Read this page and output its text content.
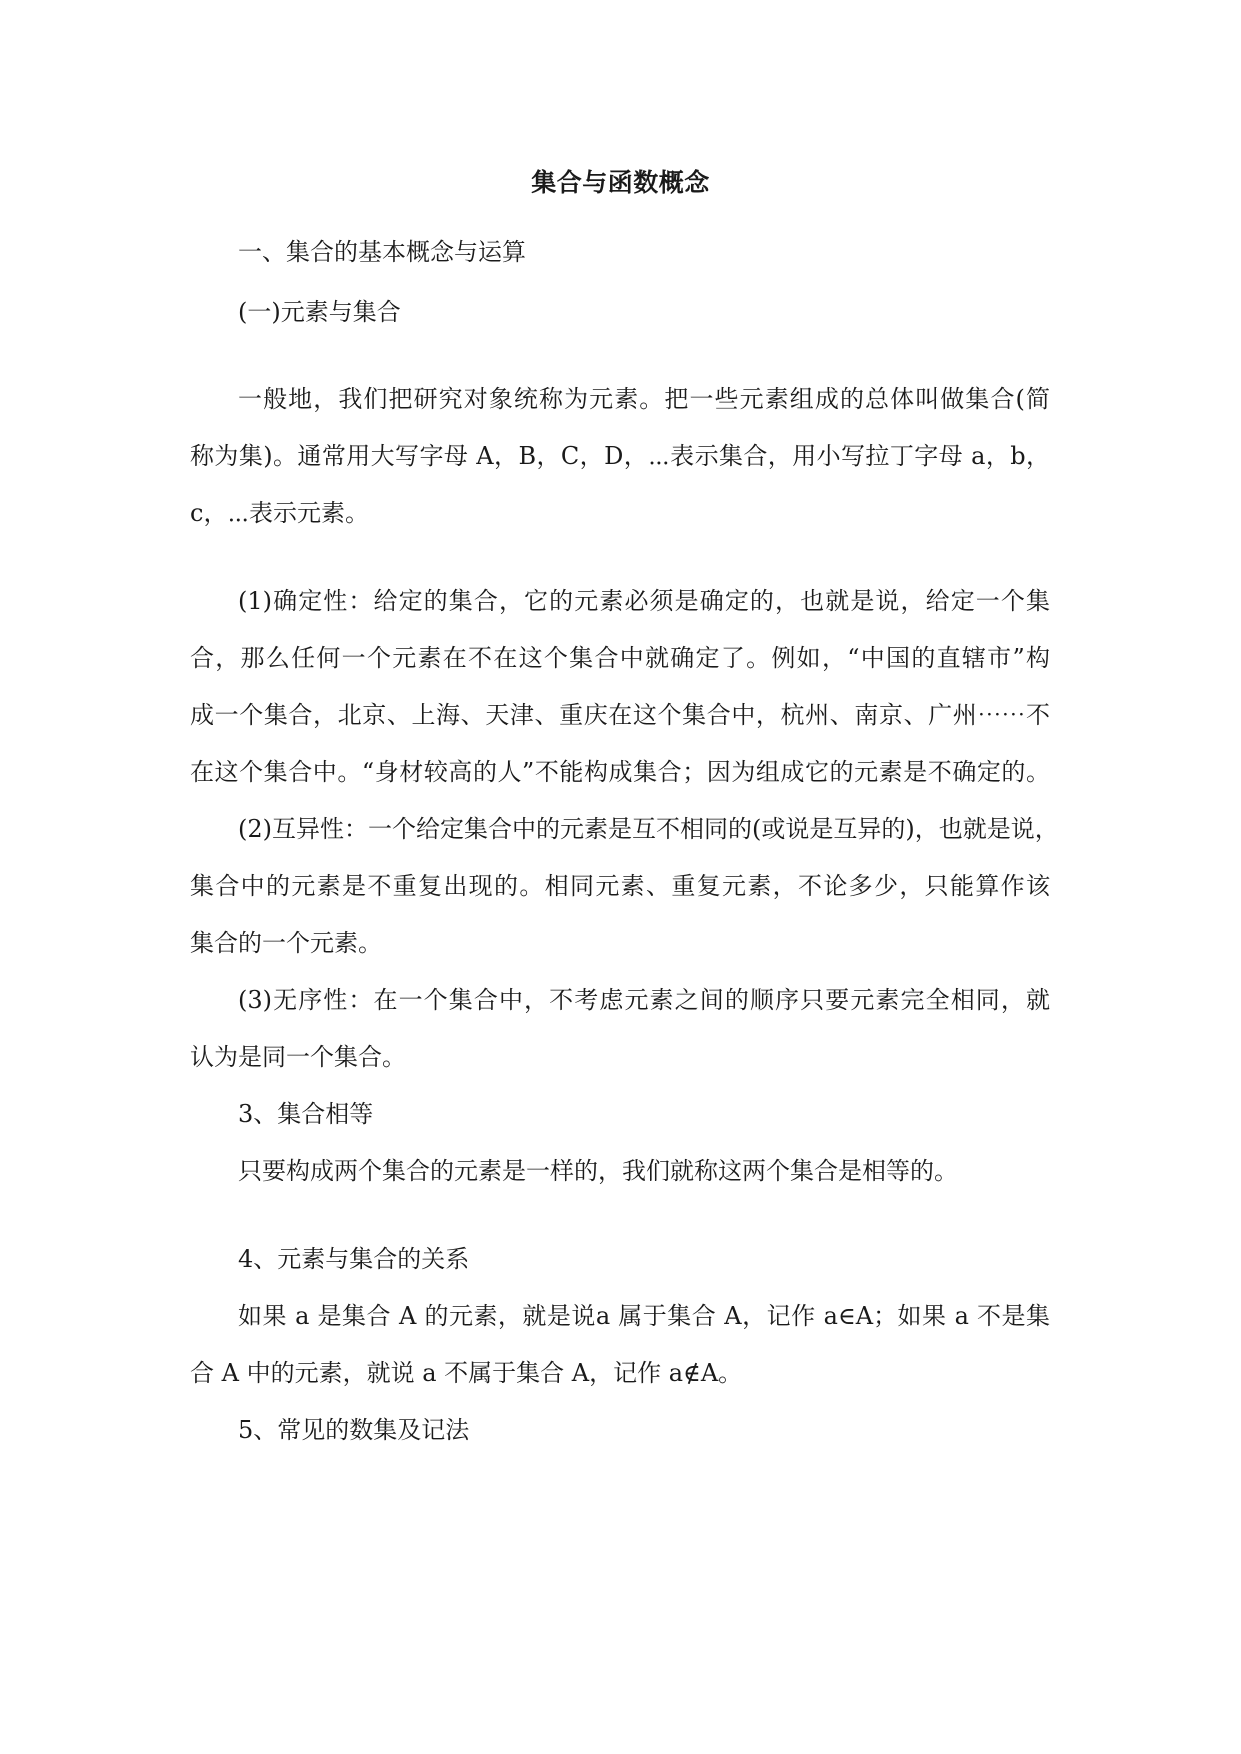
集合与函数概念
一、集合的基本概念与运算
(一)元素与集合
一般地，我们把研究对象统称为元素。把一些元素组成的总体叫做集合(简
称为集)。通常用大写字母 A，B，C，D，⋯表示集合，用小写拉丁字母 a，b，
c，⋯表示元素。
(1)确定性：给定的集合，它的元素必须是确定的，也就是说，给定一个集
合，那么任何一个元素在不在这个集合中就确定了。例如，“中国的直辖市”构
成一个集合，北京、上海、天津、重庆在这个集合中，杭州、南京、广州⋯⋯不
在这个集合中。“身材较高的人”不能构成集合；因为组成它的元素是不确定的。
(2)互异性：一个给定集合中的元素是互不相同的(或说是互异的)，也就是说，
集合中的元素是不重复出现的。相同元素、重复元素，不论多少，只能算作该
集合的一个元素。
(3)无序性：在一个集合中，不考虑元素之间的顺序只要元素完全相同，就
认为是同一个集合。
3、集合相等
只要构成两个集合的元素是一样的，我们就称这两个集合是相等的。
4、元素与集合的关系
如果 a 是集合 A 的元素，就是说a 属于集合 A，记作 a∈A；如果 a 不是集
合 A 中的元素，就说 a 不属于集合 A，记作 a∉A。
5、常见的数集及记法
